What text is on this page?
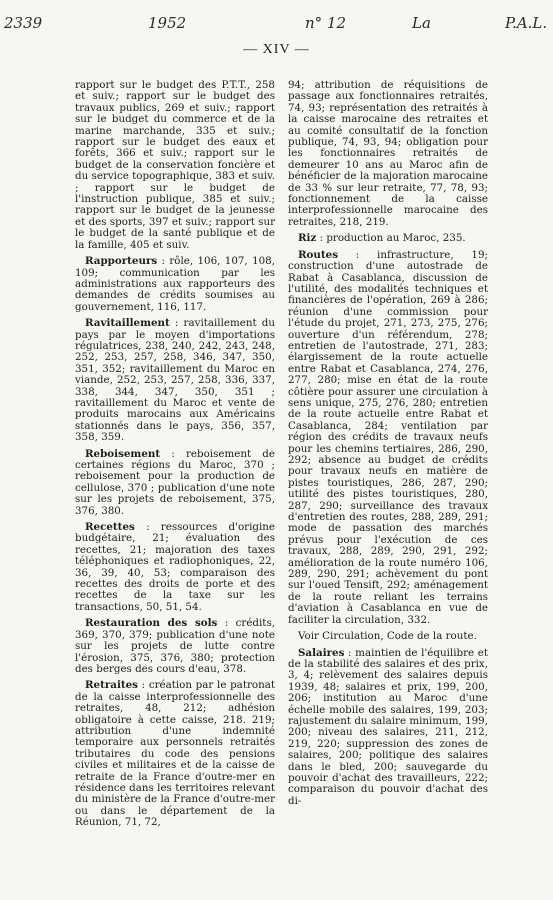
2339	1952	n° 12	La	P.A.L.
— XIV —

rapport sur le budget des P.T.T., 258 et suiv.; rapport sur le budget des travaux publics, 269 et suiv.; rapport sur le budget du commerce et de la marine marchande, 335 et suiv.; rapport sur le budget des eaux et forêts, 366 et suiv.; rapport sur le budget de la conservation foncière et du service topographique, 383 et suiv. ; rapport sur le budget de l'instruction publique, 385 et suiv.; rapport sur le budget de la jeunesse et des sports, 397 et suiv.; rapport sur le budget de la santé publique et de la famille, 405 et suiv.

Rapporteurs : rôle, 106, 107, 108, 109; communication par les administrations aux rapporteurs des demandes de crédits soumises au gouvernement, 116, 117.

Ravitaillement : ravitaillement du pays par le moyen d'importations régulatrices, 238, 240, 242, 243, 248, 252, 253, 257, 258, 346, 347, 350, 351, 352; ravitaillement du Maroc en viande, 252, 253, 257, 258, 336, 337, 338, 344, 347, 350, 351 ; ravitaillement du Maroc et vente de produits marocains aux Américains stationnés dans le pays, 356, 357, 358, 359.

Reboisement : reboisement de certaines régions du Maroc, 370 ; reboisement pour la production de cellulose, 370 ; publication d'une note sur les projets de reboisement, 375, 376, 380.

Recettes : ressources d'origine budgétaire, 21; évaluation des recettes, 21; majoration des taxes téléphoniques et radiophoniques, 22, 36, 39, 40, 53; comparaison des recettes des droits de porte et des recettes de la taxe sur les transactions, 50, 51, 54.

Restauration des sols : crédits, 369, 370, 379; publication d'une note sur les projets de lutte contre l'érosion, 375, 376, 380; protection des berges des cours d'eau, 378.

Retraites : création par le patronat de la caisse interprofessionnelle des retraites, 48, 212; adhésion obligatoire à cette caisse, 218. 219; attribution d'une indemnité temporaire aux personnels retraités tributaires du code des pensions civiles et militaires et de la caisse de retraite de la France d'outre-mer en résidence dans les territoires relevant du ministère de la France d'outre-mer ou dans le département de la Réunion, 71, 72,

94; attribution de réquisitions de passage aux fonctionnaires retraités, 74, 93; représentation des retraités à la caisse marocaine des retraites et au comité consultatif de la fonction publique, 74, 93, 94; obligation pour les fonctionnaires retraités de demeurer 10 ans au Maroc afin de bénéficier de la majoration marocaine de 33 % sur leur retraite, 77, 78, 93; fonctionnement de la caisse interprofessionnelle marocaine des retraites, 218, 219.

Riz : production au Maroc, 235.

Routes : infrastructure, 19; construction d'une autostrade de Rabat à Casablanca, discussion de l'utilité, des modalités techniques et financières de l'opération, 269 à 286; réunion d'une commission pour l'étude du projet, 271, 273, 275, 276; ouverture d'un référendum, 278; entretien de l'autostrade, 271, 283; élargissement de la route actuelle entre Rabat et Casablanca, 274, 276, 277, 280; mise en état de la route côtière pour assurer une circulation à sens unique, 275, 276, 280; entretien de la route actuelle entre Rabat et Casablanca, 284; ventilation par région des crédits de travaux neufs pour les chemins tertiaires, 286, 290, 292; absence au budget de crédits pour travaux neufs en matière de pistes touristiques, 286, 287, 290; utilité des pistes touristiques, 280, 287, 290; surveillance des travaux d'entretien des routes, 288, 289, 291; mode de passation des marchés prévus pour l'exécution de ces travaux, 288, 289, 290, 291, 292; amélioration de la route numéro 106, 289, 290, 291; achèvement du pont sur l'oued Tensift, 292; aménagement de la route reliant les terrains d'aviation à Casablanca en vue de faciliter la circulation, 332.

Voir Circulation, Code de la route.

Salaires : maintien de l'équilibre et de la stabilité des salaires et des prix, 3, 4; relèvement des salaires depuis 1939, 48; salaires et prix, 199, 200, 206; institution au Maroc d'une échelle mobile des salaires, 199, 203; rajustement du salaire minimum, 199, 200; niveau des salaires, 211, 212, 219, 220; suppression des zones de salaires, 200; politique des salaires dans le bled, 200; sauvegarde du pouvoir d'achat des travailleurs, 222; comparaison du pouvoir d'achat des di-
